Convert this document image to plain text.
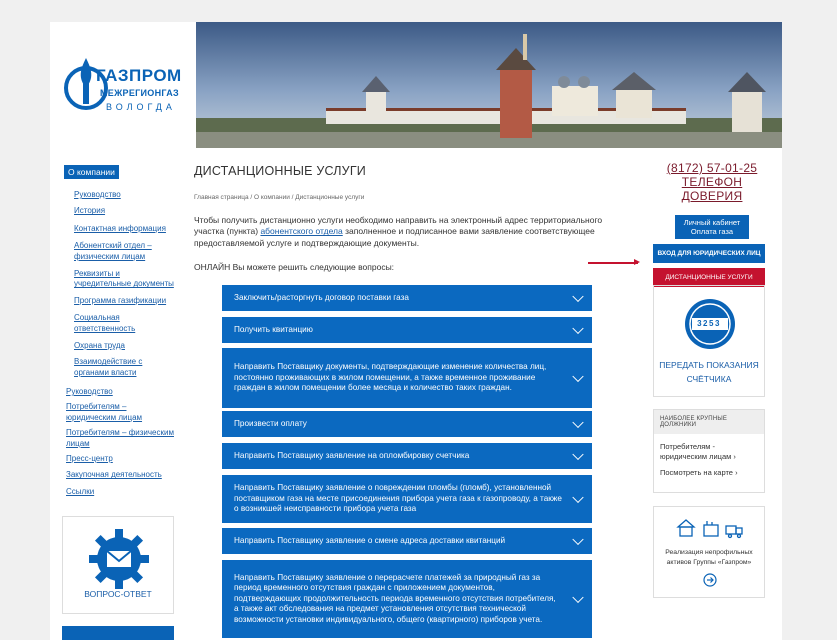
ГАЗПРОМ
МЕЖРЕГИОНГАЗ
ВОЛОГДА
О компании
Руководство
История
Контактная информация
Абонентский отдел – физическим лицам
Реквизиты и учредительные документы
Программа газификации
Социальная ответственность
Охрана труда
Взаимодействие с органами власти
Руководство
Потребителям – юридическим лицам
Потребителям – физическим лицам
Пресс-центр
Закупочная деятельность
Ссылки
ВОПРОС-ОТВЕТ
ДИСТАНЦИОННЫЕ УСЛУГИ
Главная страница / О компании / Дистанционные услуги

Чтобы получить дистанционно услуги необходимо направить на электронный адрес территориального участка (пункта) абонентского отдела заполненное и подписанное вами заявление соответствующее предоставляемой услуге и подтверждающие документы.

ОНЛАЙН Вы можете решить следующие вопросы:

Заключить/расторгнуть договор поставки газа
Получить квитанцию
Направить Поставщику документы, подтверждающие изменение количества лиц, постоянно проживающих в жилом помещении, а также временное проживание граждан в жилом помещении более месяца и количество таких граждан.
Произвести оплату
Направить Поставщику заявление на опломбировку счетчика
Направить Поставщику заявление о повреждении пломбы (пломб), установленной поставщиком газа на месте присоединения прибора учета газа к газопроводу, а также о возникшей неисправности прибора учета газа
Направить Поставщику заявление о смене адреса доставки квитанций
Направить Поставщику заявление о перерасчете платежей за природный газ за период временного отсутствия граждан с приложением документов, подтверждающих продолжительность периода временного отсутствия потребителя, а также акт обследования на предмет установления отсутствия технической возможности установки индивидуального, общего (квартирного) приборов учета.
(8172) 57-01-25
ТЕЛЕФОН ДОВЕРИЯ
Личный кабинет
Оплата газа
ВХОД ДЛЯ ЮРИДИЧЕСКИХ ЛИЦ
ДИСТАНЦИОННЫЕ УСЛУГИ
3253
ПЕРЕДАТЬ ПОКАЗАНИЯ
СЧЁТЧИКА
НАИБОЛЕЕ КРУПНЫЕ ДОЛЖНИКИ
Потребителям -
юридическим лицам ›
Посмотреть на карте ›
Реализация непрофильных
активов Группы «Газпром»
